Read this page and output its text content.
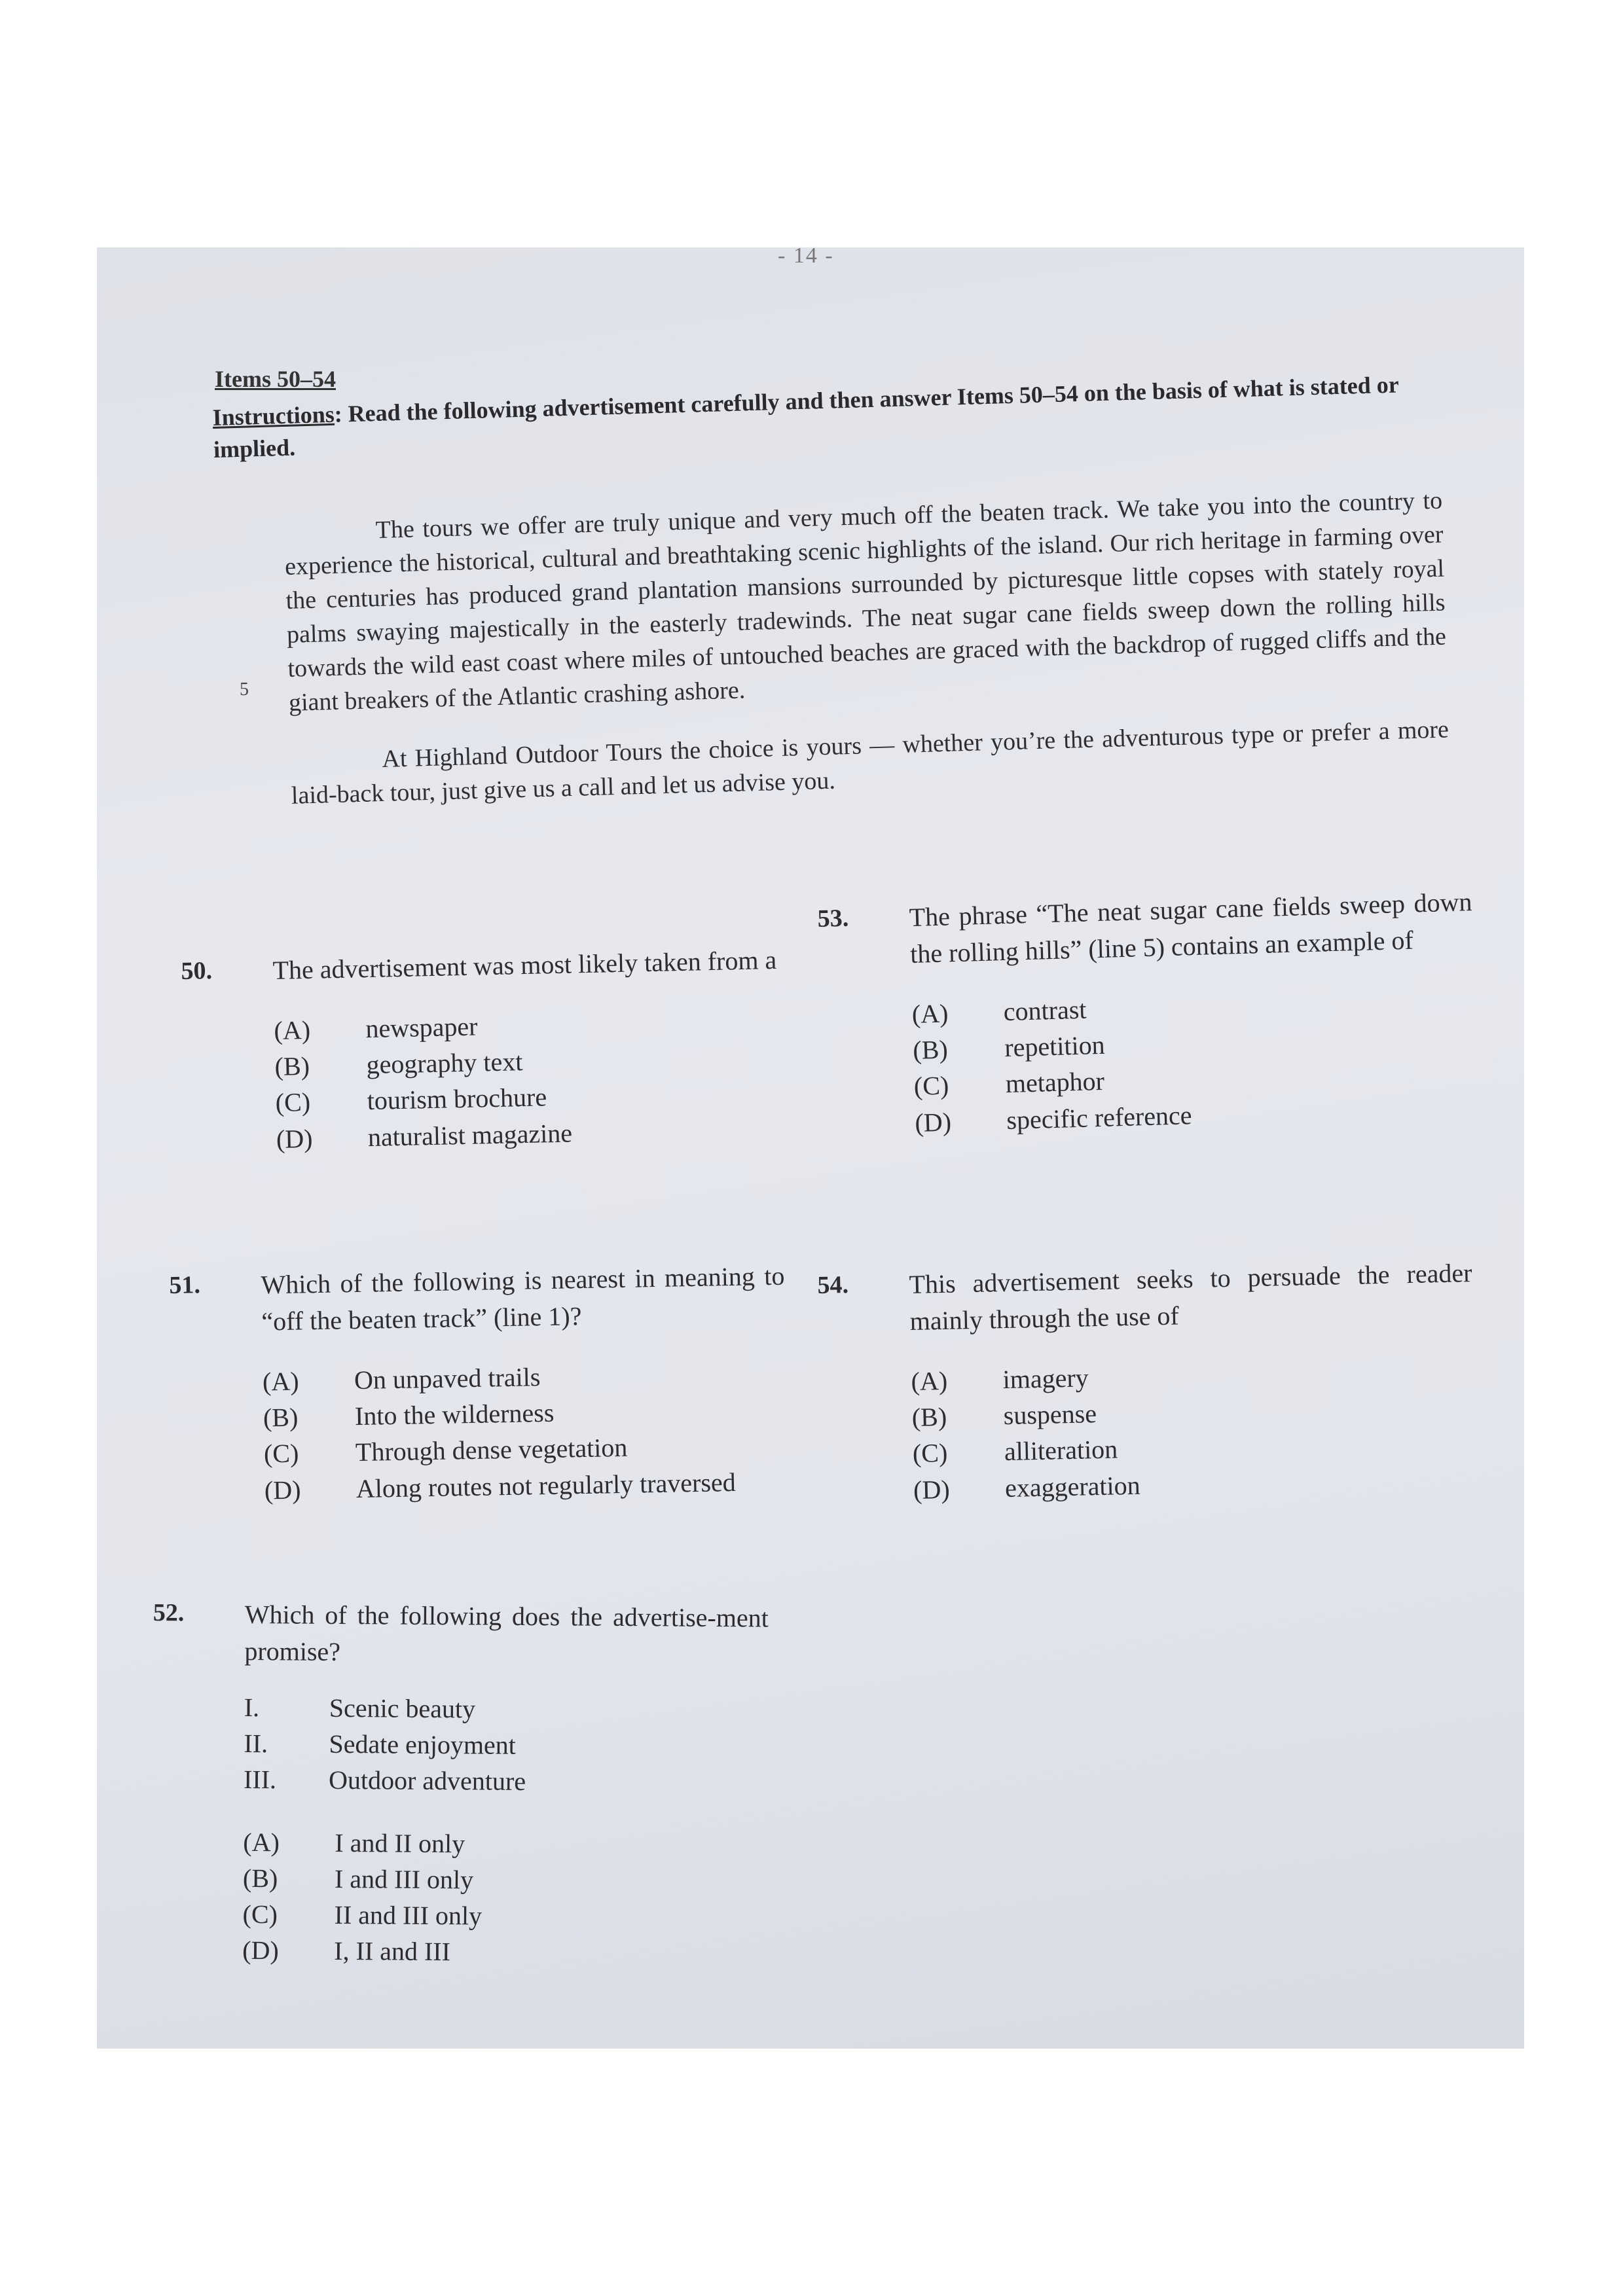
- 14 -
Items 50–54
Instructions: Read the following advertisement carefully and then answer Items 50–54 on the basis of what is stated or implied.
5

The tours we offer are truly unique and very much off the beaten track. We take you into the country to experience the historical, cultural and breathtaking scenic highlights of the island. Our rich heritage in farming over the centuries has produced grand plantation mansions surrounded by picturesque little copses with stately royal palms swaying majestically in the easterly tradewinds. The neat sugar cane fields sweep down the rolling hills towards the wild east coast where miles of untouched beaches are graced with the backdrop of rugged cliffs and the giant breakers of the Atlantic crashing ashore.

At Highland Outdoor Tours the choice is yours — whether you’re the adventurous type or prefer a more laid-back tour, just give us a call and let us advise you.

50. The advertisement was most likely taken from a
(A)	newspaper
(B)	geography text
(C)	tourism brochure
(D)	naturalist magazine
51. Which of the following is nearest in meaning to “off the beaten track” (line 1)?
(A)	On unpaved trails
(B)	Into the wilderness
(C)	Through dense vegetation
(D)	Along routes not regularly traversed
52. Which of the following does the advertise-ment promise?
I.	Scenic beauty
II.	Sedate enjoyment
III.	Outdoor adventure
(A)	I and II only
(B)	I and III only
(C)	II and III only
(D)	I, II and III
53. The phrase “The neat sugar cane fields sweep down the rolling hills” (line 5) contains an example of
(A)	contrast
(B)	repetition
(C)	metaphor
(D)	specific reference
54. This advertisement seeks to persuade the reader mainly through the use of
(A)	imagery
(B)	suspense
(C)	alliteration
(D)	exaggeration
